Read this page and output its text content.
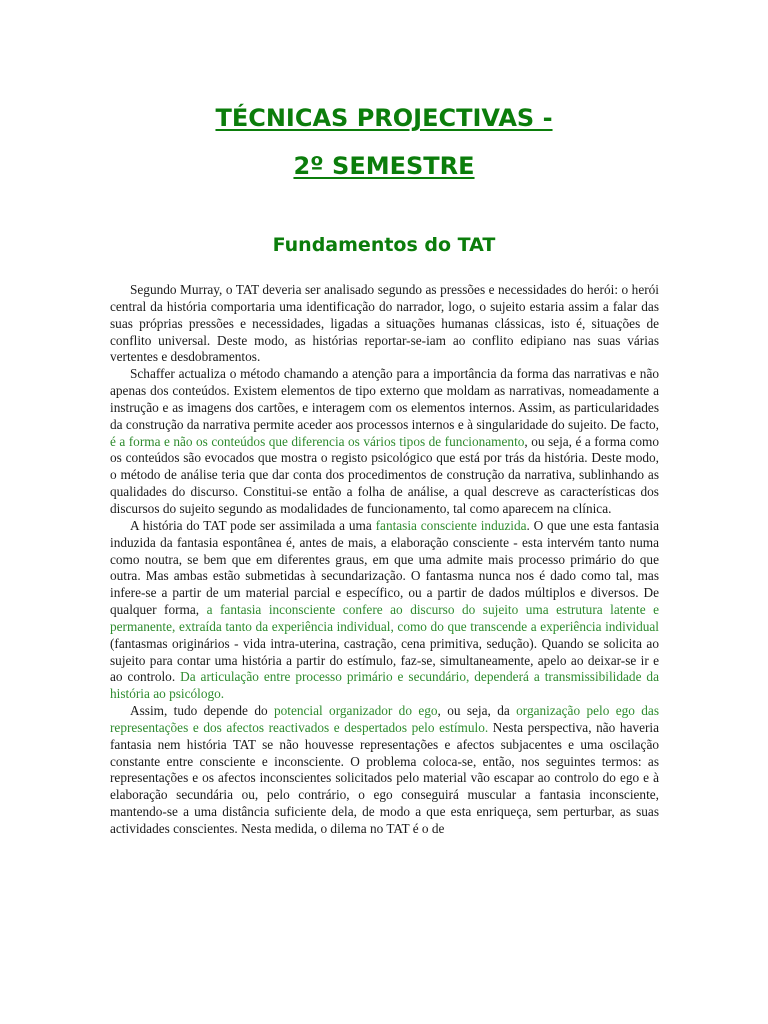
TÉCNICAS PROJECTIVAS -
2º SEMESTRE
Fundamentos do TAT

Segundo Murray, o TAT deveria ser analisado segundo as pressões e necessidades do herói: o herói central da história comportaria uma identificação do narrador, logo, o sujeito estaria assim a falar das suas próprias pressões e necessidades, ligadas a situações humanas clássicas, isto é, situações de conflito universal. Deste modo, as histórias reportar-se-iam ao conflito edipiano nas suas várias vertentes e desdobramentos.

Schaffer actualiza o método chamando a atenção para a importância da forma das narrativas e não apenas dos conteúdos. Existem elementos de tipo externo que moldam as narrativas, nomeadamente a instrução e as imagens dos cartões, e interagem com os elementos internos. Assim, as particularidades da construção da narrativa permite aceder aos processos internos e à singularidade do sujeito. De facto, é a forma e não os conteúdos que diferencia os vários tipos de funcionamento, ou seja, é a forma como os conteúdos são evocados que mostra o registo psicológico que está por trás da história. Deste modo, o método de análise teria que dar conta dos procedimentos de construção da narrativa, sublinhando as qualidades do discurso. Constitui-se então a folha de análise, a qual descreve as características dos discursos do sujeito segundo as modalidades de funcionamento, tal como aparecem na clínica.

A história do TAT pode ser assimilada a uma fantasia consciente induzida. O que une esta fantasia induzida da fantasia espontânea é, antes de mais, a elaboração consciente - esta intervém tanto numa como noutra, se bem que em diferentes graus, em que uma admite mais processo primário do que outra. Mas ambas estão submetidas à secundarização. O fantasma nunca nos é dado como tal, mas infere-se a partir de um material parcial e específico, ou a partir de dados múltiplos e diversos. De qualquer forma, a fantasia inconsciente confere ao discurso do sujeito uma estrutura latente e permanente, extraída tanto da experiência individual, como do que transcende a experiência individual (fantasmas originários - vida intra-uterina, castração, cena primitiva, sedução). Quando se solicita ao sujeito para contar uma história a partir do estímulo, faz-se, simultaneamente, apelo ao deixar-se ir e ao controlo. Da articulação entre processo primário e secundário, dependerá a transmissibilidade da história ao psicólogo.

Assim, tudo depende do potencial organizador do ego, ou seja, da organização pelo ego das representações e dos afectos reactivados e despertados pelo estímulo. Nesta perspectiva, não haveria fantasia nem história TAT se não houvesse representações e afectos subjacentes e uma oscilação constante entre consciente e inconsciente. O problema coloca-se, então, nos seguintes termos: as representações e os afectos inconscientes solicitados pelo material vão escapar ao controlo do ego e à elaboração secundária ou, pelo contrário, o ego conseguirá muscular a fantasia inconsciente, mantendo-se a uma distância suficiente dela, de modo a que esta enriqueça, sem perturbar, as suas actividades conscientes. Nesta medida, o dilema no TAT é o de
